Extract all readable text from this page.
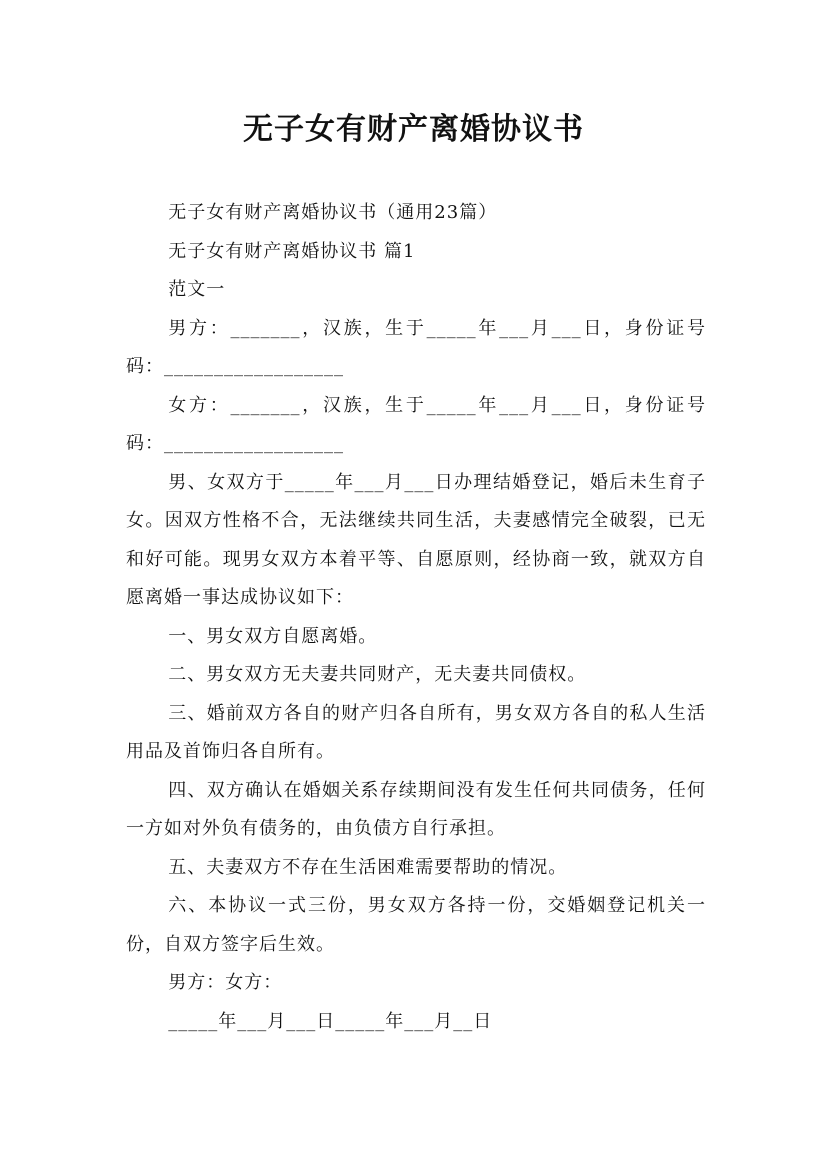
无子女有财产离婚协议书

无子女有财产离婚协议书（通用23篇）

无子女有财产离婚协议书 篇1

范文一

男方：_______，汉族，生于_____年___月___日，身份证号码：__________________

女方：_______，汉族，生于_____年___月___日，身份证号码：__________________

男、女双方于_____年___月___日办理结婚登记，婚后未生育子女。因双方性格不合，无法继续共同生活，夫妻感情完全破裂，已无和好可能。现男女双方本着平等、自愿原则，经协商一致，就双方自愿离婚一事达成协议如下：

一、男女双方自愿离婚。

二、男女双方无夫妻共同财产，无夫妻共同债权。

三、婚前双方各自的财产归各自所有，男女双方各自的私人生活用品及首饰归各自所有。

四、双方确认在婚姻关系存续期间没有发生任何共同债务，任何一方如对外负有债务的，由负债方自行承担。

五、夫妻双方不存在生活困难需要帮助的情况。

六、本协议一式三份，男女双方各持一份，交婚姻登记机关一份，自双方签字后生效。

男方：女方：

_____年___月___日_____年___月__日
